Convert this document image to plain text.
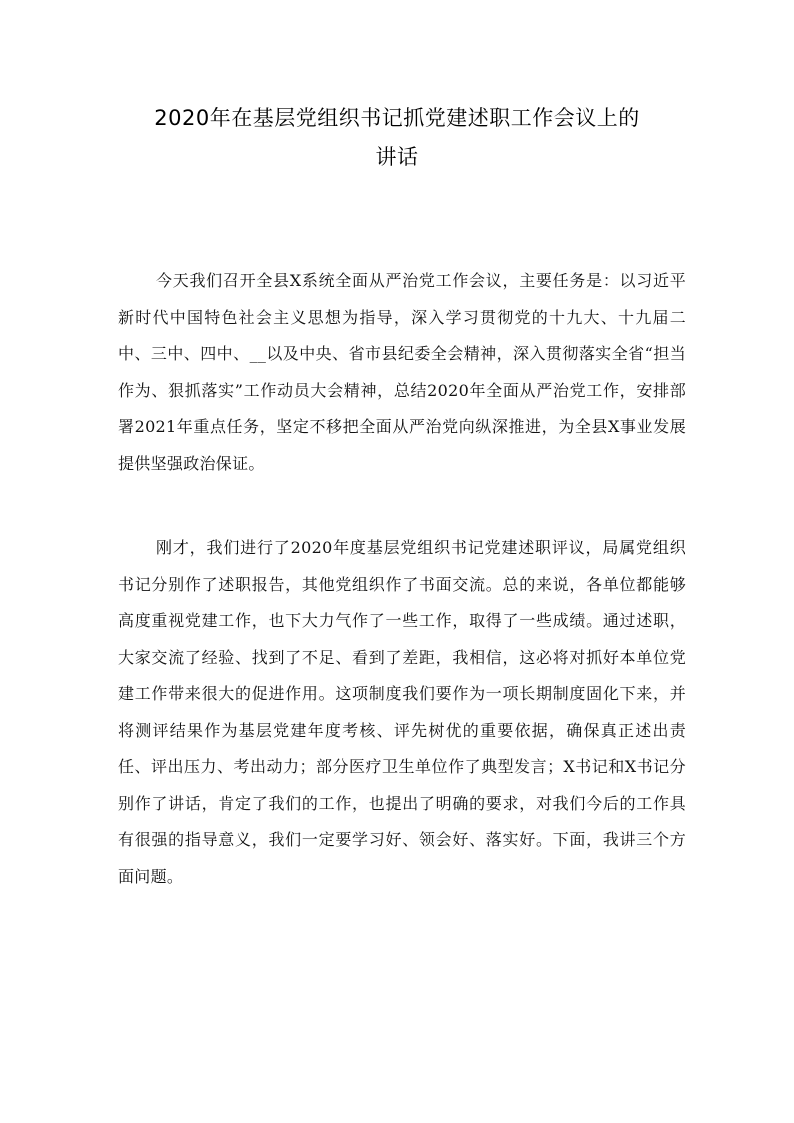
2020年在基层党组织书记抓党建述职工作会议上的
讲话

今天我们召开全县X系统全面从严治党工作会议，主要任务是：以习近平新时代中国特色社会主义思想为指导，深入学习贯彻党的十九大、十九届二中、三中、四中、__以及中央、省市县纪委全会精神，深入贯彻落实全省“担当作为、狠抓落实”工作动员大会精神，总结2020年全面从严治党工作，安排部署2021年重点任务，坚定不移把全面从严治党向纵深推进，为全县X事业发展提供坚强政治保证。

刚才，我们进行了2020年度基层党组织书记党建述职评议，局属党组织书记分别作了述职报告，其他党组织作了书面交流。总的来说，各单位都能够高度重视党建工作，也下大力气作了一些工作，取得了一些成绩。通过述职，大家交流了经验、找到了不足、看到了差距，我相信，这必将对抓好本单位党建工作带来很大的促进作用。这项制度我们要作为一项长期制度固化下来，并将测评结果作为基层党建年度考核、评先树优的重要依据，确保真正述出责任、评出压力、考出动力；部分医疗卫生单位作了典型发言；X书记和X书记分别作了讲话，肯定了我们的工作，也提出了明确的要求，对我们今后的工作具有很强的指导意义，我们一定要学习好、领会好、落实好。下面，我讲三个方面问题。
